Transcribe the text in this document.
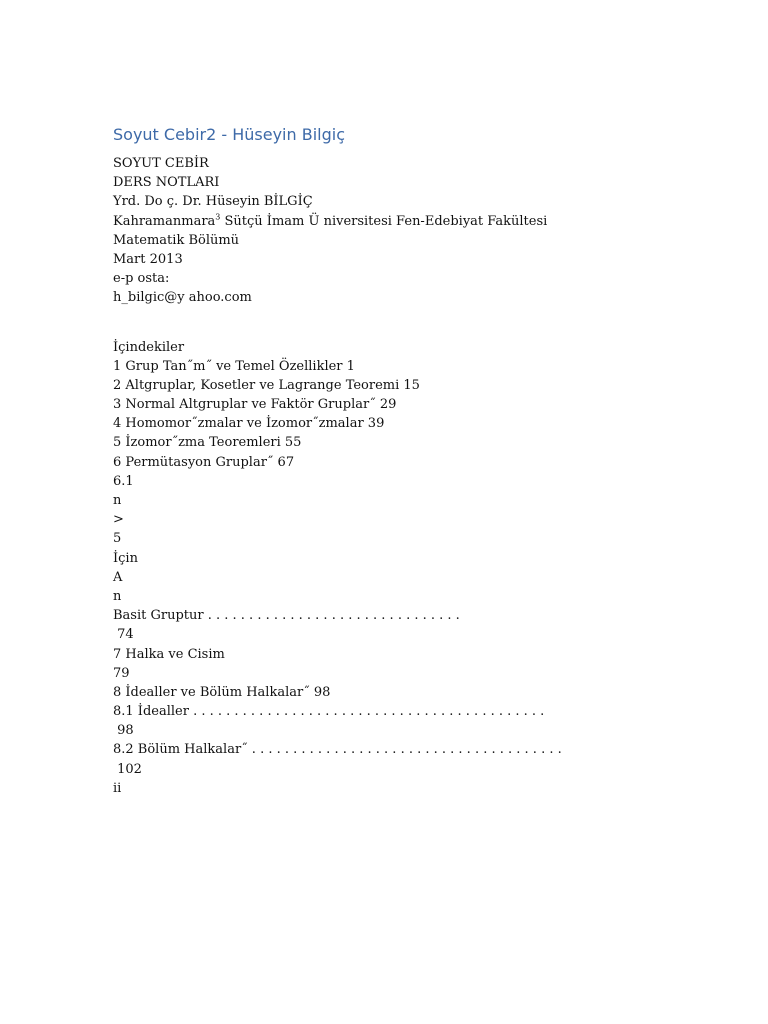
Soyut Cebir2 - Hüseyin Bilgiç
SOYUT CEBİR
DERS NOTLARI
Yrd. Do ç. Dr. Hüseyin BİLGİÇ
Kahramanmara$^3$ Sütçü İmam Ü niversitesi Fen-Edebiyat Fakültesi
Matematik Bölümü
Mart 2013
e-p osta:
h_bilgic@y ahoo.com
İçindekiler
1 Grup Tan˝m˝ ve Temel Özellikler 1
2 Altgruplar, Kosetler ve Lagrange Teoremi 15
3 Normal Altgruplar ve Faktör Gruplar˝ 29
4 Homomor˝zmalar ve İzomor˝zmalar 39
5 İzomor˝zma Teoremleri 55
6 Permütasyon Gruplar˝ 67
6.1
n
>
5
İçin
A
n
Basit Gruptur . . . . . . . . . . . . . . . . . . . . . . . . . . . . . . .
74
7 Halka ve Cisim
79
8 İdealler ve Bölüm Halkalar˝ 98
8.1 İdealler . . . . . . . . . . . . . . . . . . . . . . . . . . . . . . . . . . . . . . . . . . .
98
8.2 Bölüm Halkalar˝ . . . . . . . . . . . . . . . . . . . . . . . . . . . . . . . . . . . . . .
102
ii
